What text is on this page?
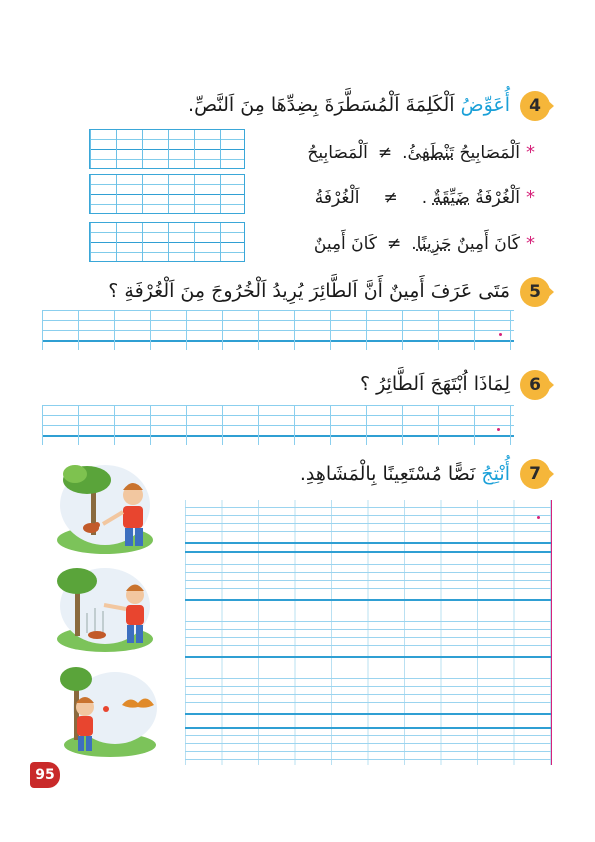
4
أُعَوِّضُ اَلْكَلِمَةَ اَلْمُسَطَّرَةَ بِضِدِّهَا مِنَ اَلنَّصِّ.
*اَلْمَصَابِيحُ تَنْطَفِئُ.≠اَلْمَصَابِيحُ
*اَلْغُرْفَةُ ضَيِّقَةٌ .≠اَلْغُرْفَةُ
*كَانَ أَمِينٌ حَزِينًا.≠كَانَ أَمِينٌ
5
مَتَى عَرَفَ أَمِينٌ أَنَّ اَلطَّائِرَ يُرِيدُ اَلْخُرُوجَ مِنَ اَلْغُرْفَةِ ؟
6
لِمَاذَا اُبْتَهَجَ اَلطَّائِرُ ؟
7
أُنْتِجُ نَصًّا مُسْتَعِينًا بِالْمَشَاهِدِ.
95
